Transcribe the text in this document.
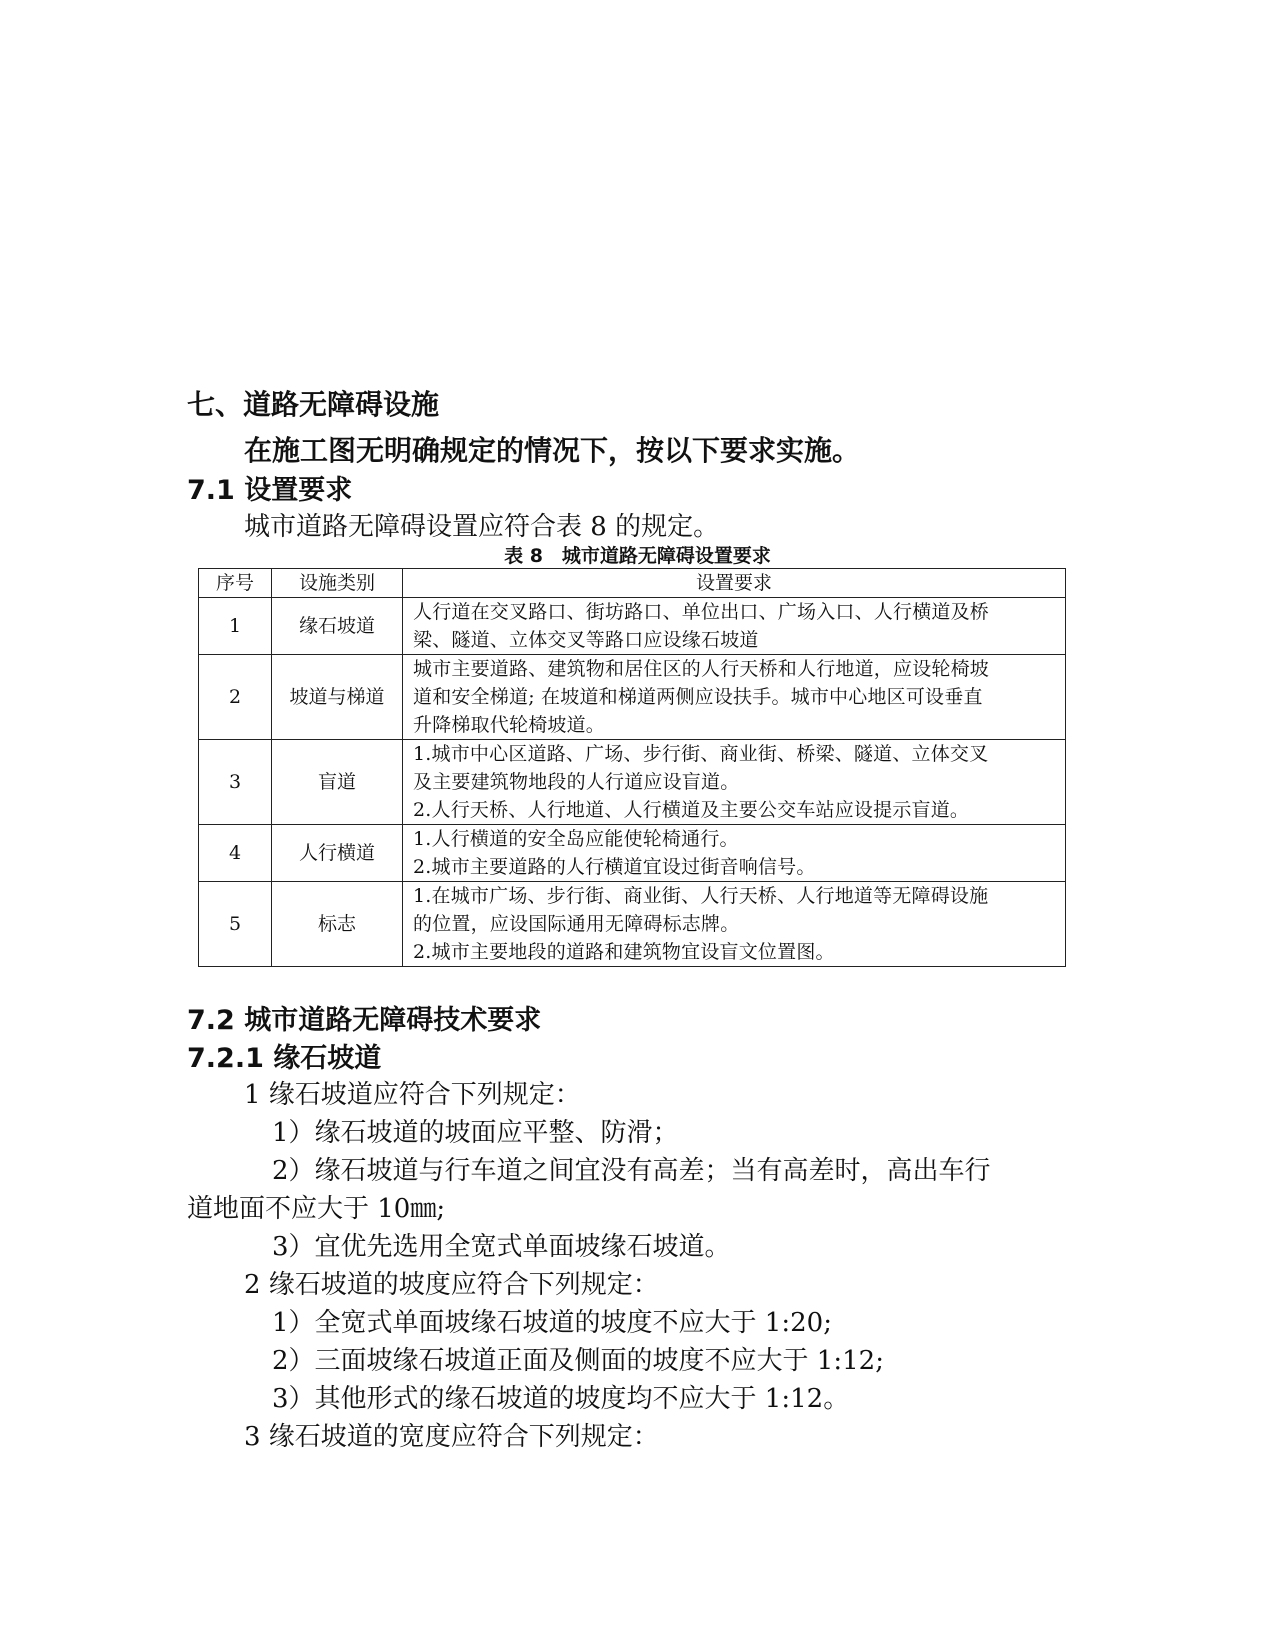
七、道路无障碍设施
在施工图无明确规定的情况下，按以下要求实施。
7.1 设置要求
城市道路无障碍设置应符合表 8 的规定。
表 8　城市道路无障碍设置要求
序号	设施类别	设置要求
1	缘石坡道	人行道在交叉路口、街坊路口、单位出口、广场入口、人行横道及桥
梁、隧道、立体交叉等路口应设缘石坡道

2	坡道与梯道	城市主要道路、建筑物和居住区的人行天桥和人行地道，应设轮椅坡
道和安全梯道; 在坡道和梯道两侧应设扶手。城市中心地区可设垂直
升降梯取代轮椅坡道。

3	盲道	1.城市中心区道路、广场、步行街、商业街、桥梁、隧道、立体交叉
及主要建筑物地段的人行道应设盲道。
2.人行天桥、人行地道、人行横道及主要公交车站应设提示盲道。

4	人行横道	1.人行横道的安全岛应能使轮椅通行。
2.城市主要道路的人行横道宜设过街音响信号。

5	标志	1.在城市广场、步行街、商业街、人行天桥、人行地道等无障碍设施
的位置，应设国际通用无障碍标志牌。
2.城市主要地段的道路和建筑物宜设盲文位置图。
7.2 城市道路无障碍技术要求
7.2.1 缘石坡道
1 缘石坡道应符合下列规定：
1）缘石坡道的坡面应平整、防滑；
2）缘石坡道与行车道之间宜没有高差；当有高差时，高出车行
道地面不应大于 10㎜;
3）宜优先选用全宽式单面坡缘石坡道。
2 缘石坡道的坡度应符合下列规定：
1）全宽式单面坡缘石坡道的坡度不应大于 1:20;
2）三面坡缘石坡道正面及侧面的坡度不应大于 1:12;
3）其他形式的缘石坡道的坡度均不应大于 1:12。
3 缘石坡道的宽度应符合下列规定：
